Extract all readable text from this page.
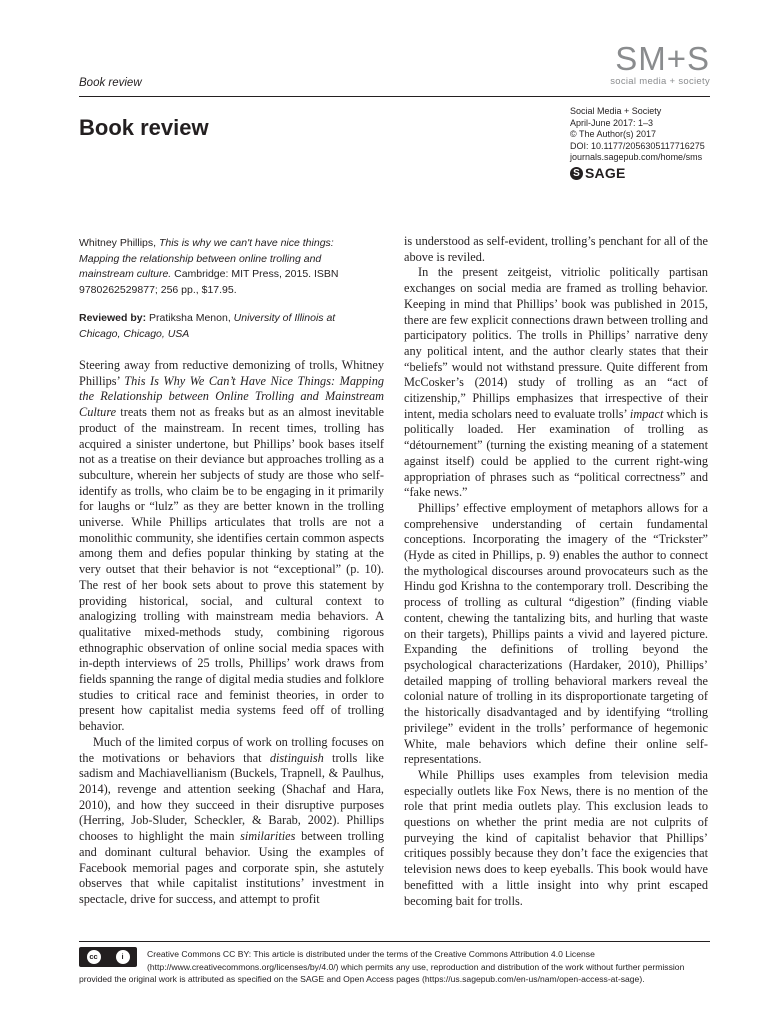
Book review
SM+S
social media + society
Book review
Social Media + Society
April-June 2017: 1–3
© The Author(s) 2017
DOI: 10.1177/2056305117716275
journals.sagepub.com/home/sms
S SAGE
Whitney Phillips, This is why we can't have nice things: Mapping the relationship between online trolling and mainstream culture. Cambridge: MIT Press, 2015. ISBN 9780262529877; 256 pp., $17.95.
Reviewed by: Pratiksha Menon, University of Illinois at Chicago, Chicago, USA

Steering away from reductive demonizing of trolls, Whitney Phillips’ This Is Why We Can’t Have Nice Things: Mapping the Relationship between Online Trolling and Mainstream Culture treats them not as freaks but as an almost inevitable product of the mainstream. In recent times, trolling has acquired a sinister undertone, but Phillips’ book bases itself not as a treatise on their deviance but approaches trolling as a subculture, wherein her subjects of study are those who self-identify as trolls, who claim be to be engaging in it primarily for laughs or “lulz” as they are better known in the trolling universe. While Phillips articulates that trolls are not a monolithic community, she identifies certain common aspects among them and defies popular thinking by stating at the very outset that their behavior is not “exceptional” (p. 10). The rest of her book sets about to prove this statement by providing historical, social, and cultural context to analogizing trolling with mainstream media behaviors. A qualitative mixed-methods study, combining rigorous ethnographic observation of online social media spaces with in-depth interviews of 25 trolls, Phillips’ work draws from fields spanning the range of digital media studies and folklore studies to critical race and feminist theories, in order to present how capitalist media systems feed off of trolling behavior.

Much of the limited corpus of work on trolling focuses on the motivations or behaviors that distinguish trolls like sadism and Machiavellianism (Buckels, Trapnell, & Paulhus, 2014), revenge and attention seeking (Shachaf and Hara, 2010), and how they succeed in their disruptive purposes (Herring, Job-Sluder, Scheckler, & Barab, 2002). Phillips chooses to highlight the main similarities between trolling and dominant cultural behavior. Using the examples of Facebook memorial pages and corporate spin, she astutely observes that while capitalist institutions’ investment in spectacle, drive for success, and attempt to profit

is understood as self-evident, trolling’s penchant for all of the above is reviled.

In the present zeitgeist, vitriolic politically partisan exchanges on social media are framed as trolling behavior. Keeping in mind that Phillips’ book was published in 2015, there are few explicit connections drawn between trolling and participatory politics. The trolls in Phillips’ narrative deny any political intent, and the author clearly states that their “beliefs” would not withstand pressure. Quite different from McCosker’s (2014) study of trolling as an “act of citizenship,” Phillips emphasizes that irrespective of their intent, media scholars need to evaluate trolls’ impact which is politically loaded. Her examination of trolling as “détournement” (turning the existing meaning of a statement against itself) could be applied to the current right-wing appropriation of phrases such as “political correctness” and “fake news.”

Phillips’ effective employment of metaphors allows for a comprehensive understanding of certain fundamental conceptions. Incorporating the imagery of the “Trickster” (Hyde as cited in Phillips, p. 9) enables the author to connect the mythological discourses around provocateurs such as the Hindu god Krishna to the contemporary troll. Describing the process of trolling as cultural “digestion” (finding viable content, chewing the tantalizing bits, and hurling that waste on their targets), Phillips paints a vivid and layered picture. Expanding the definitions of trolling beyond the psychological characterizations (Hardaker, 2010), Phillips’ detailed mapping of trolling behavioral markers reveal the colonial nature of trolling in its disproportionate targeting of the historically disadvantaged and by identifying “trolling privilege” evident in the trolls’ performance of hegemonic White, male behaviors which define their online self-representations.

While Phillips uses examples from television media especially outlets like Fox News, there is no mention of the role that print media outlets play. This exclusion leads to questions on whether the print media are not culprits of purveying the kind of capitalist behavior that Phillips’ critiques possibly because they don’t face the exigencies that television news does to keep eyeballs. This book would have benefitted with a little insight into why print escaped becoming bait for trolls.

cc	i	Creative Commons CC BY: This article is distributed under the terms of the Creative Commons Attribution 4.0 License
(http://www.creativecommons.org/licenses/by/4.0/) which permits any use, reproduction and distribution of the work without further permission
provided the original work is attributed as specified on the SAGE and Open Access pages (https://us.sagepub.com/en-us/nam/open-access-at-sage).
